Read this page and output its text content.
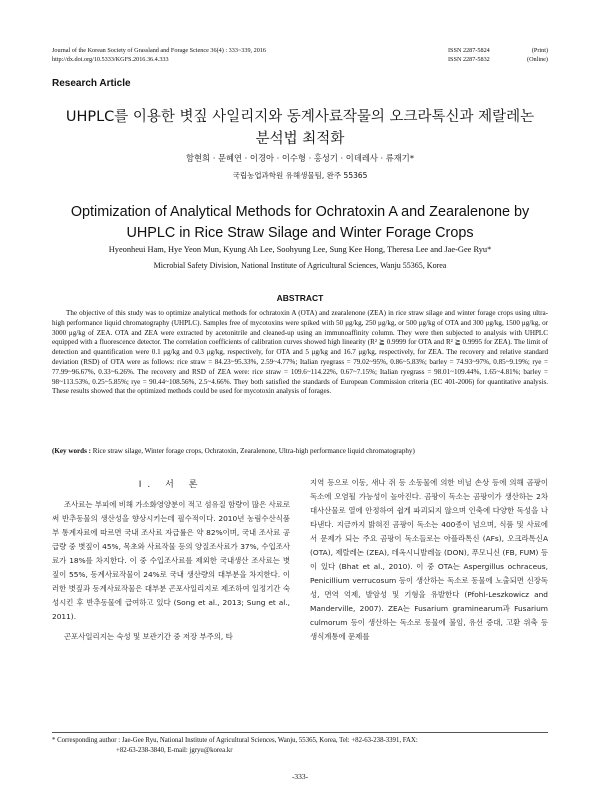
Journal of the Korean Society of Grassland and Forage Science 36(4) : 333~339, 2016
http://dx.doi.org/10.5333/KGFS.2016.36.4.333
ISSN 2287-5824	(Print)
ISSN 2287-5832	(Online)
Research Article
UHPLC를 이용한 볏짚 사일리지와 동계사료작물의 오크라톡신과 제랄레논
분석법 최적화
함현희 · 문혜연 · 이경아 · 이수형 · 홍성기 · 이데레사 · 류재기*
국립농업과학원 유해생물팀, 완주 55365
Optimization of Analytical Methods for Ochratoxin A and Zearalenone by
UHPLC in Rice Straw Silage and Winter Forage Crops
Hyeonheui Ham, Hye Yeon Mun, Kyung Ah Lee, Soohyung Lee, Sung Kee Hong, Theresa Lee and Jae-Gee Ryu*
Microbial Safety Division, National Institute of Agricultural Sciences, Wanju 55365, Korea
ABSTRACT
The objective of this study was to optimize analytical methods for ochratoxin A (OTA) and zearalenone (ZEA) in rice straw silage and winter forage crops using ultra-high performance liquid chromatography (UHPLC). Samples free of mycotoxins were spiked with 50 μg/kg, 250 μg/kg, or 500 μg/kg of OTA and 300 μg/kg, 1500 μg/kg, or 3000 μg/kg of ZEA. OTA and ZEA were extracted by acetonitrile and cleaned-up using an immunoaffinity column. They were then subjected to analysis with UHPLC equipped with a fluorescence detector. The correlation coefficients of calibration curves showed high linearity (R² ≧ 0.9999 for OTA and R² ≧ 0.9995 for ZEA). The limit of detection and quantification were 0.1 μg/kg and 0.3 μg/kg, respectively, for OTA and 5 μg/kg and 16.7 μg/kg, respectively, for ZEA. The recovery and relative standard deviation (RSD) of OTA were as follows: rice straw = 84.23~95.33%, 2.59~4.77%; Italian ryegrass = 79.02~95%, 0.86~5.83%; barley = 74.93~97%, 0.85~9.19%; rye = 77.99~96.67%, 0.33~6.26%. The recovery and RSD of ZEA were: rice straw = 109.6~114.22%, 0.67~7.15%; Italian ryegrass = 98.01~109.44%, 1.65~4.81%; barley = 98~113.53%, 0.25~5.85%; rye = 90.44~108.56%, 2.5~4.66%. They both satisfied the standards of European Commission criteria (EC 401-2006) for quantitative analysis. These results showed that the optimized methods could be used for mycotoxin analysis of forages.
(Key words : Rice straw silage, Winter forage crops, Ochratoxin, Zearalenone, Ultra-high performance liquid chromatography)
I. 서 론
조사료는 부피에 비해 가소화영양분이 적고 섬유질 함량이 많은 사료로써 반추동물의 생산성을 향상시키는데 필수적이다. 2010년 농림수산식품부 통계자료에 따르면 국내 조사료 자급률은 약 82%이며, 국내 조사료 공급량 중 볏짚이 45%, 목초와 사료작물 등의 양질조사료가 37%, 수입조사료가 18%를 차지한다. 이 중 수입조사료를 제외한 국내생산 조사료는 볏짚이 55%, 동계사료작물이 24%로 국내 생산량의 대부분을 차지한다. 이러한 볏짚과 동계사료작물은 대부분 곤포사일리지로 제조하여 일정기간 숙성시킨 후 반추동물에 급여하고 있다 (Song et al., 2013; Sung et al., 2011).
곤포사일리지는 숙성 및 보관기간 중 저장 부주의, 타
지역 등으로 이동, 새나 쥐 등 소동물에 의한 비닐 손상 등에 의해 곰팡이 독소에 오염될 가능성이 높아진다. 곰팡이 독소는 곰팡이가 생산하는 2차 대사산물로 열에 안정하여 쉽게 파괴되지 않으며 인축에 다양한 독성을 나타낸다. 지금까지 밝혀진 곰팡이 독소는 400종이 넘으며, 식품 및 사료에서 문제가 되는 주요 곰팡이 독소들로는 아플라톡신 (AFs), 오크라톡신A (OTA), 제랄레논 (ZEA), 데옥시니발레놀 (DON), 푸모니신 (FB, FUM) 등이 있다 (Bhat et al., 2010). 이 중 OTA는 Aspergillus ochraceus, Penicillium verrucosum 등이 생산하는 독소로 동물에 노출되면 신장독성, 면역 억제, 발암성 및 기형을 유발한다 (Pfohl-Leszkowicz and Manderville, 2007). ZEA는 Fusarium graminearum과 Fusarium culmorum 등이 생산하는 독소로 동물에 불임, 유선 증대, 고환 위축 등 생식계통에 문제를
* Corresponding author : Jae-Gee Ryu, National Institute of Agricultural Sciences, Wanju, 55365, Korea, Tel: +82-63-238-3391, FAX:
+82-63-238-3840, E-mail: jgryu@korea.kr
-333-
